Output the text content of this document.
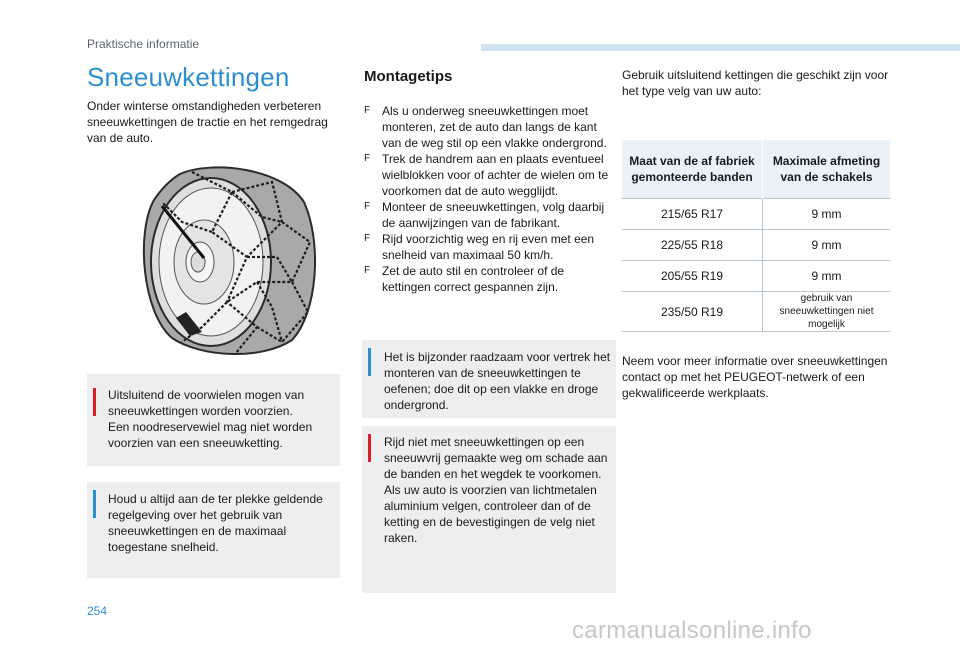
Praktische informatie
Sneeuwkettingen
Onder winterse omstandigheden verbeteren sneeuwkettingen de tractie en het remgedrag van de auto.
Uitsluitend de voorwielen mogen van sneeuwkettingen worden voorzien.
Een noodreservewiel mag niet worden voorzien van een sneeuwketting.
Houd u altijd aan de ter plekke geldende regelgeving over het gebruik van sneeuwkettingen en de maximaal toegestane snelheid.
Montagetips
F Als u onderweg sneeuwkettingen moet monteren, zet de auto dan langs de kant van de weg stil op een vlakke ondergrond.
F Trek de handrem aan en plaats eventueel wielblokken voor of achter de wielen om te voorkomen dat de auto wegglijdt.
F Monteer de sneeuwkettingen, volg daarbij de aanwijzingen van de fabrikant.
F Rijd voorzichtig weg en rij even met een snelheid van maximaal 50 km/h.
F Zet de auto stil en controleer of de kettingen correct gespannen zijn.
Het is bijzonder raadzaam voor vertrek het monteren van de sneeuwkettingen te oefenen; doe dit op een vlakke en droge ondergrond.
Rijd niet met sneeuwkettingen op een sneeuwvrij gemaakte weg om schade aan de banden en het wegdek te voorkomen. Als uw auto is voorzien van lichtmetalen aluminium velgen, controleer dan of de ketting en de bevestigingen de velg niet raken.
Gebruik uitsluitend kettingen die geschikt zijn voor het type velg van uw auto:
Maat van de af fabriek gemonteerde banden	Maximale afmeting van de schakels
215/65 R17	9 mm
225/55 R18	9 mm
205/55 R19	9 mm
235/50 R19	gebruik van sneeuwkettingen niet mogelijk
Neem voor meer informatie over sneeuwkettingen contact op met het PEUGEOT-netwerk of een gekwalificeerde werkplaats.
254
carmanualsonline.info
